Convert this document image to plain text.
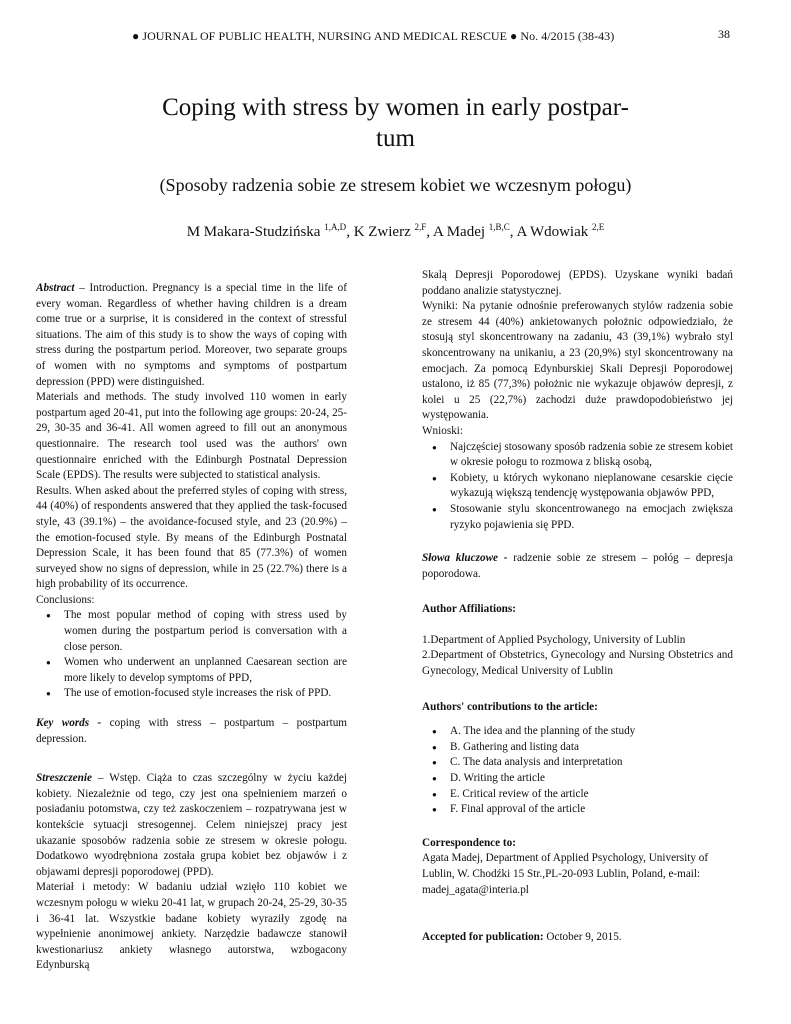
● JOURNAL OF PUBLIC HEALTH, NURSING AND MEDICAL RESCUE ● No. 4/2015 (38-43)	38
Coping with stress by women in early postpar-
tum
(Sposoby radzenia sobie ze stresem kobiet we wczesnym połogu)
M Makara-Studzińska $^{1,A,D}$, K Zwierz $^{2,F}$, A Madej $^{1,B,C}$, A Wdowiak $^{2,E}$

Abstract – Introduction. Pregnancy is a special time in the life of every woman. Regardless of whether having children is a dream come true or a surprise, it is considered in the context of stressful situations. The aim of this study is to show the ways of coping with stress during the postpartum period. Moreover, two separate groups of women with no symptoms and symptoms of postpartum depression (PPD) were distinguished.

Materials and methods. The study involved 110 women in early postpartum aged 20-41, put into the following age groups: 20-24, 25-29, 30-35 and 36-41. All women agreed to fill out an anonymous questionnaire. The research tool used was the authors' own questionnaire enriched with the Edinburgh Postnatal Depression Scale (EPDS). The results were subjected to statistical analysis.

Results. When asked about the preferred styles of coping with stress, 44 (40%) of respondents answered that they applied the task-focused style, 43 (39.1%) – the avoidance-focused style, and 23 (20.9%) – the emotion-focused style. By means of the Edinburgh Postnatal Depression Scale, it has been found that 85 (77.3%) of women surveyed show no signs of depression, while in 25 (22.7%) there is a high probability of its occurrence.

Conclusions:

● The most popular method of coping with stress used by women during the postpartum period is conversation with a close person.
● Women who underwent an unplanned Caesarean section are more likely to develop symptoms of PPD,
● The use of emotion-focused style increases the risk of PPD.

Key words - coping with stress – postpartum – postpartum depression.

Streszczenie – Wstęp. Ciąża to czas szczególny w życiu każdej kobiety. Niezależnie od tego, czy jest ona spełnieniem marzeń o posiadaniu potomstwa, czy też zaskoczeniem – rozpatrywana jest w kontekście sytuacji stresogennej. Celem niniejszej pracy jest ukazanie sposobów radzenia sobie ze stresem w okresie połogu. Dodatkowo wyodrębniona została grupa kobiet bez objawów i z objawami depresji poporodowej (PPD).

Materiał i metody: W badaniu udział wzięło 110 kobiet we wczesnym połogu w wieku 20-41 lat, w grupach 20-24, 25-29, 30-35 i 36-41 lat. Wszystkie badane kobiety wyraziły zgodę na wypełnienie anonimowej ankiety. Narzędzie badawcze stanowił kwestionariusz ankiety własnego autorstwa, wzbogacony Edynburską

Skalą Depresji Poporodowej (EPDS). Uzyskane wyniki badań poddano analizie statystycznej.

Wyniki: Na pytanie odnośnie preferowanych stylów radzenia sobie ze stresem 44 (40%) ankietowanych położnic odpowiedziało, że stosują styl skoncentrowany na zadaniu, 43 (39,1%) wybrało styl skoncentrowany na unikaniu, a 23 (20,9%) styl skoncentrowany na emocjach. Za pomocą Edynburskiej Skali Depresji Poporodowej ustalono, iż 85 (77,3%) położnic nie wykazuje objawów depresji, z kolei u 25 (22,7%) zachodzi duże prawdopodobieństwo jej występowania.

Wnioski:

● Najczęściej stosowany sposób radzenia sobie ze stresem kobiet w okresie połogu to rozmowa z bliską osobą,
● Kobiety, u których wykonano nieplanowane cesarskie cięcie wykazują większą tendencję występowania objawów PPD,
● Stosowanie stylu skoncentrowanego na emocjach zwiększa ryzyko pojawienia się PPD.

Słowa kluczowe - radzenie sobie ze stresem – połóg – depresja poporodowa.

Author Affiliations:

1.Department of Applied Psychology, University of Lublin

2.Department of Obstetrics, Gynecology and Nursing Obstetrics and Gynecology, Medical University of Lublin

Authors' contributions to the article:

● A. The idea and the planning of the study
● B. Gathering and listing data
● C. The data analysis and interpretation
● D. Writing the article
● E. Critical review of the article
● F. Final approval of the article

Correspondence to:

Agata Madej, Department of Applied Psychology, University of Lublin, W. Chodźki 15 Str.,PL-20-093 Lublin, Poland, e-mail: madej_agata@interia.pl

Accepted for publication: October 9, 2015.
